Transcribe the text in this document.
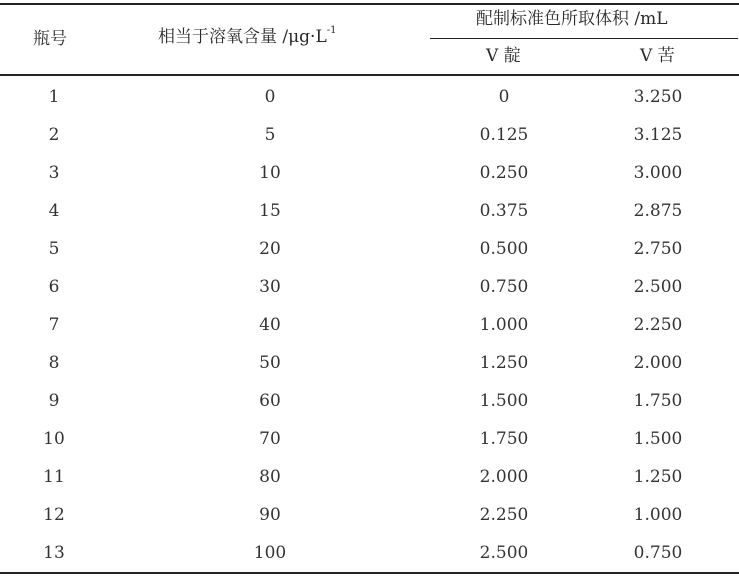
瓶号	相当于溶氧含量 $/\mu g\cdot L^{-1}$
配制标准色所取体积 /mL
V 靛	V 苦
1	0	0	3.250
2	5	0.125	3.125
3	10	0.250	3.000
4	15	0.375	2.875
5	20	0.500	2.750
6	30	0.750	2.500
7	40	1.000	2.250
8	50	1.250	2.000
9	60	1.500	1.750
10	70	1.750	1.500
11	80	2.000	1.250
12	90	2.250	1.000
13	100	2.500	0.750
